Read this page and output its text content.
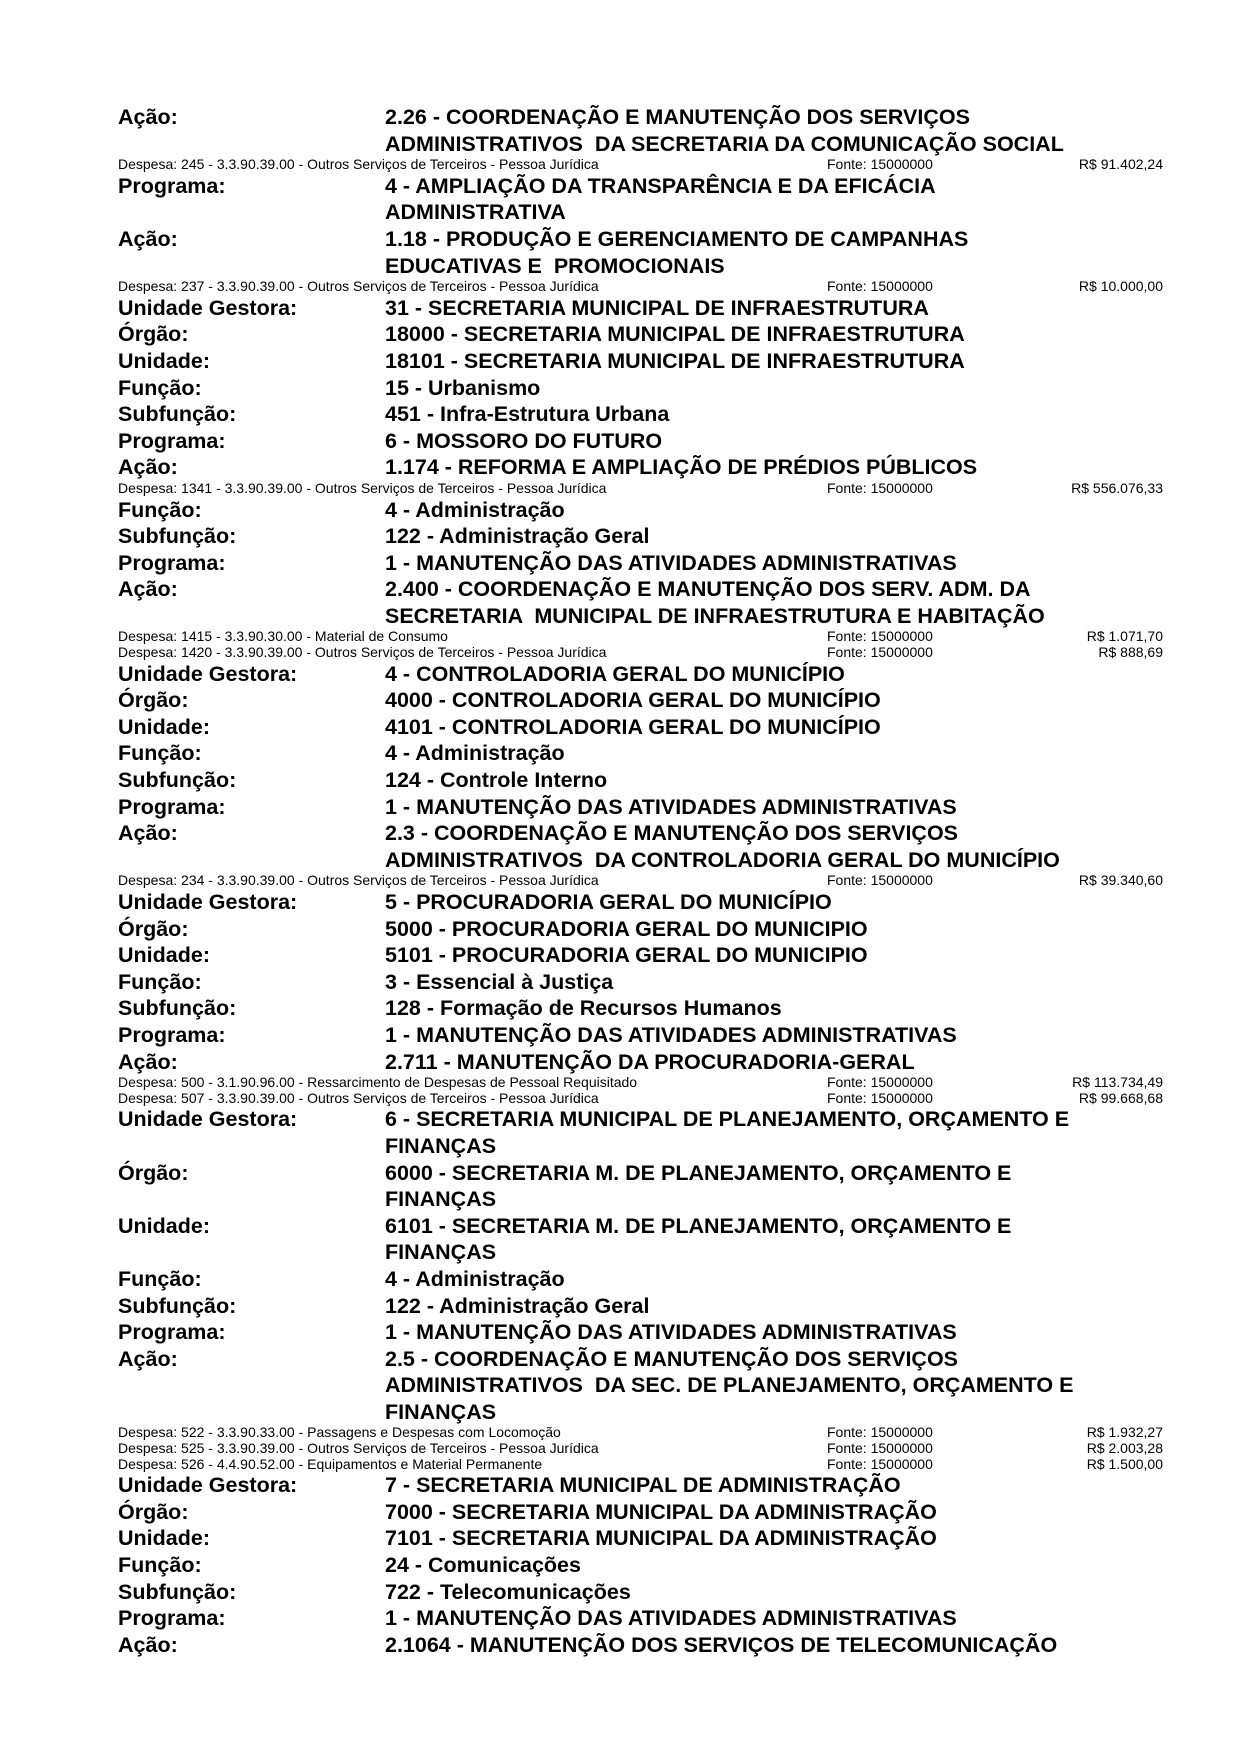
Ação:	2.26 - COORDENAÇÃO E MANUTENÇÃO DOS SERVIÇOS
ADMINISTRATIVOS  DA SECRETARIA DA COMUNICAÇÃO SOCIAL
Despesa: 245 - 3.3.90.39.00 - Outros Serviços de Terceiros - Pessoa Jurídica	Fonte: 15000000	R$ 91.402,24
Programa:	4 - AMPLIAÇÃO DA TRANSPARÊNCIA E DA EFICÁCIA
ADMINISTRATIVA
Ação:	1.18 - PRODUÇÃO E GERENCIAMENTO DE CAMPANHAS
EDUCATIVAS E  PROMOCIONAIS
Despesa: 237 - 3.3.90.39.00 - Outros Serviços de Terceiros - Pessoa Jurídica	Fonte: 15000000	R$ 10.000,00
Unidade Gestora:	31 - SECRETARIA MUNICIPAL DE INFRAESTRUTURA
Órgão:	18000 - SECRETARIA MUNICIPAL DE INFRAESTRUTURA
Unidade:	18101 - SECRETARIA MUNICIPAL DE INFRAESTRUTURA
Função:	15 - Urbanismo
Subfunção:	451 - Infra-Estrutura Urbana
Programa:	6 - MOSSORO DO FUTURO
Ação:	1.174 - REFORMA E AMPLIAÇÃO DE PRÉDIOS PÚBLICOS
Despesa: 1341 - 3.3.90.39.00 - Outros Serviços de Terceiros - Pessoa Jurídica	Fonte: 15000000	R$ 556.076,33
Função:	4 - Administração
Subfunção:	122 - Administração Geral
Programa:	1 - MANUTENÇÃO DAS ATIVIDADES ADMINISTRATIVAS
Ação:	2.400 - COORDENAÇÃO E MANUTENÇÃO DOS SERV. ADM. DA
SECRETARIA  MUNICIPAL DE INFRAESTRUTURA E HABITAÇÃO
Despesa: 1415 - 3.3.90.30.00 - Material de Consumo	Fonte: 15000000	R$ 1.071,70
Despesa: 1420 - 3.3.90.39.00 - Outros Serviços de Terceiros - Pessoa Jurídica	Fonte: 15000000	R$ 888,69
Unidade Gestora:	4 - CONTROLADORIA GERAL DO MUNICÍPIO
Órgão:	4000 - CONTROLADORIA GERAL DO MUNICÍPIO
Unidade:	4101 - CONTROLADORIA GERAL DO MUNICÍPIO
Função:	4 - Administração
Subfunção:	124 - Controle Interno
Programa:	1 - MANUTENÇÃO DAS ATIVIDADES ADMINISTRATIVAS
Ação:	2.3 - COORDENAÇÃO E MANUTENÇÃO DOS SERVIÇOS
ADMINISTRATIVOS  DA CONTROLADORIA GERAL DO MUNICÍPIO
Despesa: 234 - 3.3.90.39.00 - Outros Serviços de Terceiros - Pessoa Jurídica	Fonte: 15000000	R$ 39.340,60
Unidade Gestora:	5 - PROCURADORIA GERAL DO MUNICÍPIO
Órgão:	5000 - PROCURADORIA GERAL DO MUNICIPIO
Unidade:	5101 - PROCURADORIA GERAL DO MUNICIPIO
Função:	3 - Essencial à Justiça
Subfunção:	128 - Formação de Recursos Humanos
Programa:	1 - MANUTENÇÃO DAS ATIVIDADES ADMINISTRATIVAS
Ação:	2.711 - MANUTENÇÃO DA PROCURADORIA-GERAL
Despesa: 500 - 3.1.90.96.00 - Ressarcimento de Despesas de Pessoal Requisitado	Fonte: 15000000	R$ 113.734,49
Despesa: 507 - 3.3.90.39.00 - Outros Serviços de Terceiros - Pessoa Jurídica	Fonte: 15000000	R$ 99.668,68
Unidade Gestora:	6 - SECRETARIA MUNICIPAL DE PLANEJAMENTO, ORÇAMENTO E
FINANÇAS
Órgão:	6000 - SECRETARIA M. DE PLANEJAMENTO, ORÇAMENTO E
FINANÇAS
Unidade:	6101 - SECRETARIA M. DE PLANEJAMENTO, ORÇAMENTO E
FINANÇAS
Função:	4 - Administração
Subfunção:	122 - Administração Geral
Programa:	1 - MANUTENÇÃO DAS ATIVIDADES ADMINISTRATIVAS
Ação:	2.5 - COORDENAÇÃO E MANUTENÇÃO DOS SERVIÇOS
ADMINISTRATIVOS  DA SEC. DE PLANEJAMENTO, ORÇAMENTO E
FINANÇAS
Despesa: 522 - 3.3.90.33.00 - Passagens e Despesas com Locomoção	Fonte: 15000000	R$ 1.932,27
Despesa: 525 - 3.3.90.39.00 - Outros Serviços de Terceiros - Pessoa Jurídica	Fonte: 15000000	R$ 2.003,28
Despesa: 526 - 4.4.90.52.00 - Equipamentos e Material Permanente	Fonte: 15000000	R$ 1.500,00
Unidade Gestora:	7 - SECRETARIA MUNICIPAL DE ADMINISTRAÇÃO
Órgão:	7000 - SECRETARIA MUNICIPAL DA ADMINISTRAÇÃO
Unidade:	7101 - SECRETARIA MUNICIPAL DA ADMINISTRAÇÃO
Função:	24 - Comunicações
Subfunção:	722 - Telecomunicações
Programa:	1 - MANUTENÇÃO DAS ATIVIDADES ADMINISTRATIVAS
Ação:	2.1064 - MANUTENÇÃO DOS SERVIÇOS DE TELECOMUNICAÇÃO
